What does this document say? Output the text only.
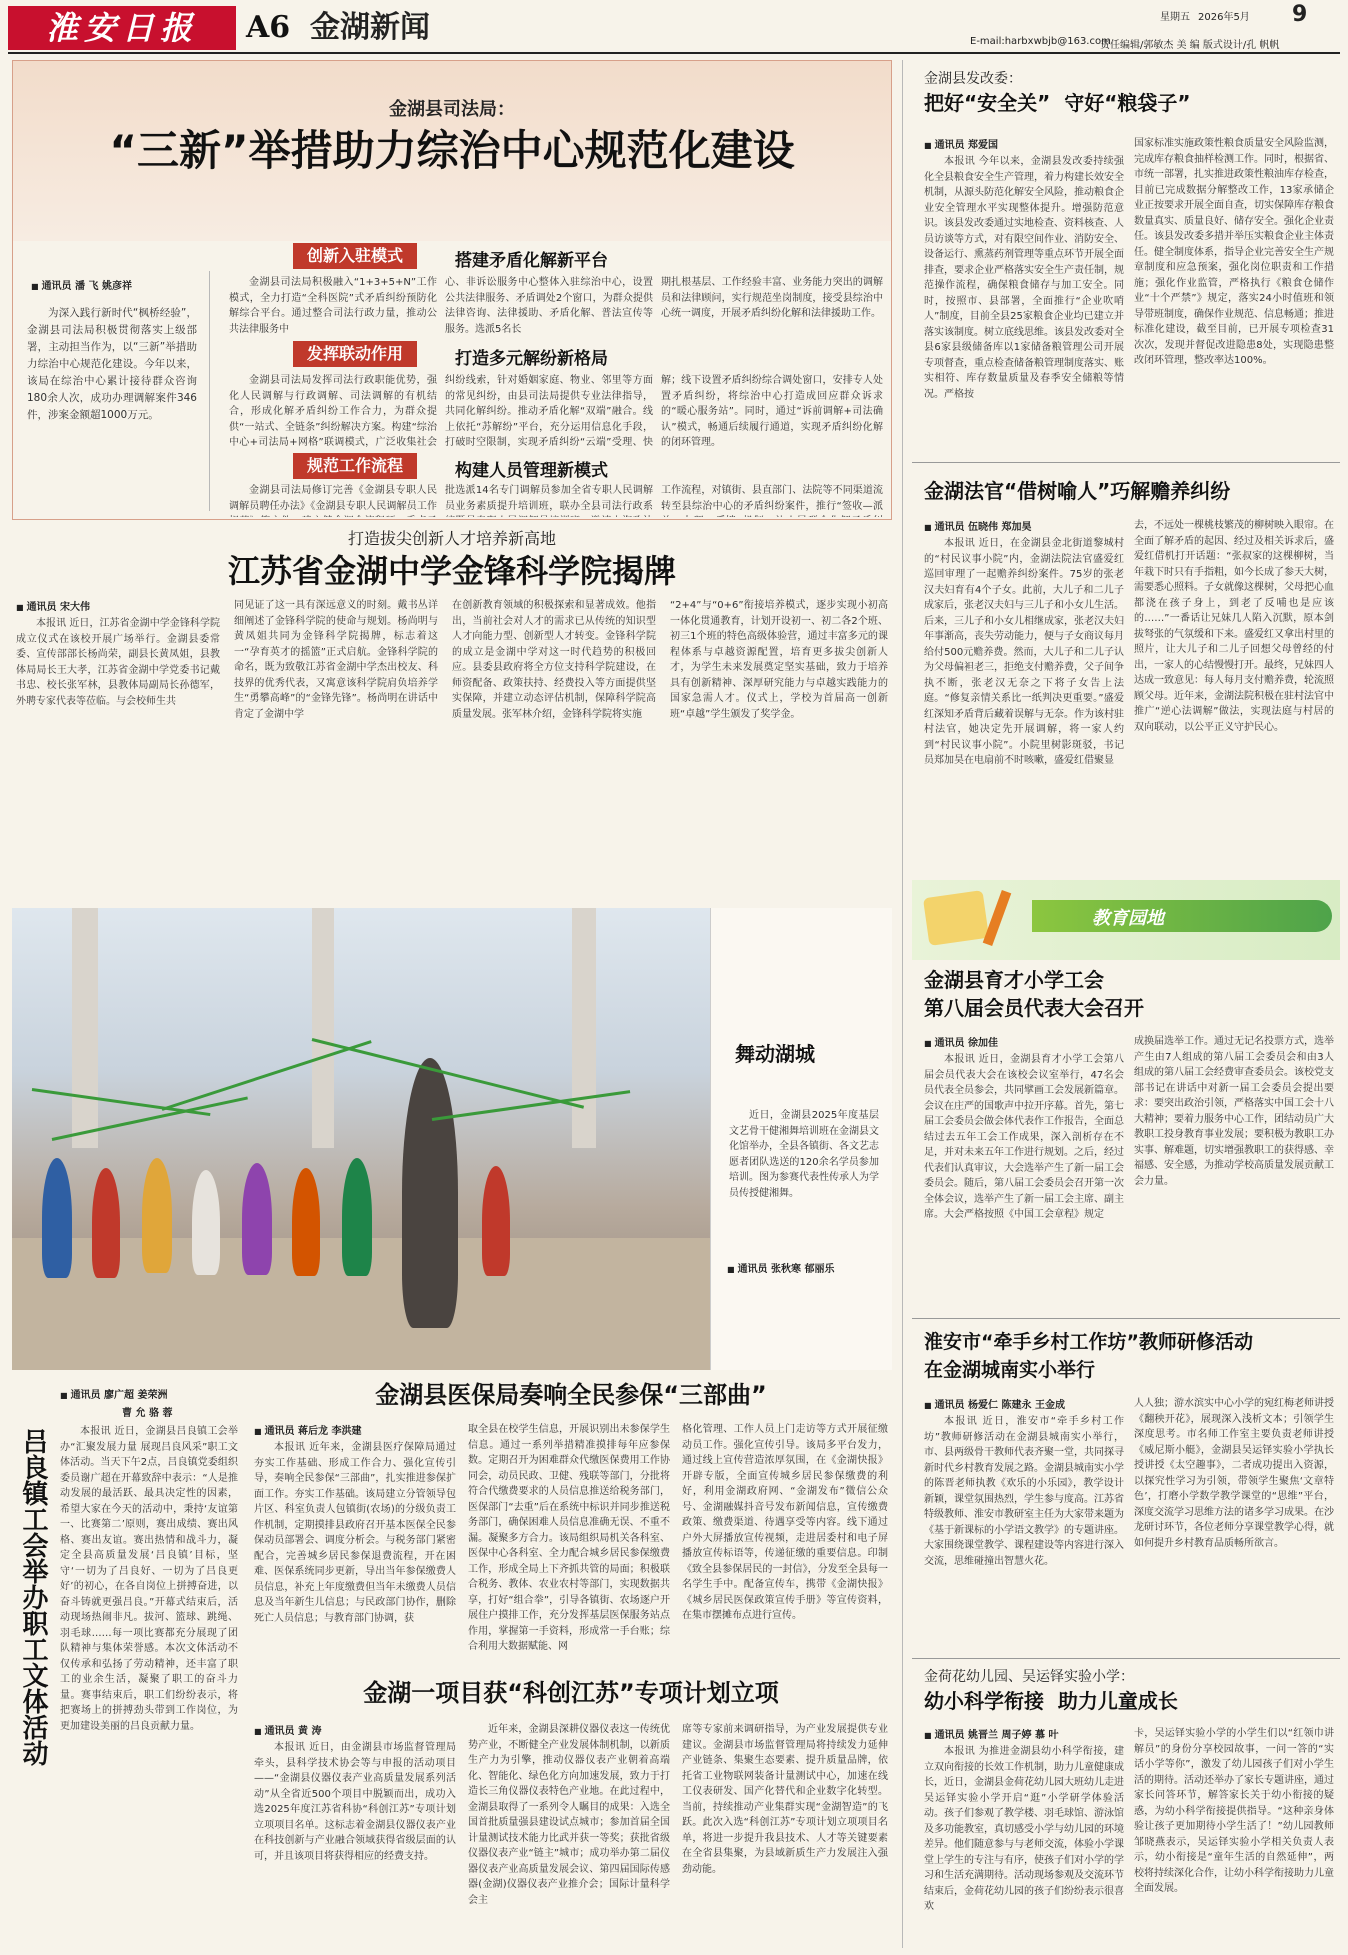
淮安日报	A6 金湖新闻	星期五 2026年5月 9
E-mail:harbxwbjb@163.com
责任编辑/郭敏杰 美 编 版式设计/孔 帆帆
金湖县司法局：
“三新”举措助力综治中心规范化建设
■ 通讯员 潘 飞 姚彦祥

为深入践行新时代“枫桥经验”，金湖县司法局积极贯彻落实上级部署，主动担当作为，以“三新”举措助力综治中心规范化建设。今年以来，该局在综治中心累计接待群众咨询180余人次，成功办理调解案件346件，涉案金额超1000万元。

创新入驻模式	搭建矛盾化解新平台

金湖县司法局积极融入“1+3+5+N”工作模式，全力打造“全科医院”式矛盾纠纷预防化解综合平台。通过整合司法行政力量，推动公共法律服务中

心、非诉讼服务中心整体入驻综治中心，设置公共法律服务、矛盾调处2个窗口，为群众提供法律咨询、法律援助、矛盾化解、普法宣传等服务。选派5名长

期扎根基层、工作经验丰富、业务能力突出的调解员和法律顾问，实行规范坐岗制度，接受县综治中心统一调度，开展矛盾纠纷化解和法律援助工作。

发挥联动作用	打造多元解纷新格局

金湖县司法局发挥司法行政职能优势，强化人民调解与行政调解、司法调解的有机结合，形成化解矛盾纠纷工作合力，为群众提供“一站式、全链条”纠纷解决方案。构建“综治中心+司法局+网格”联调模式，广泛收集社会

纠纷线索，针对婚姻家庭、物业、邻里等方面的常见纠纷，由县司法局提供专业法律指导，共同化解纠纷。推动矛盾化解“双端”融合。线上依托“苏解纷”平台，充分运用信息化手段，打破时空限制，实现矛盾纠纷“云端”受理、快

解；线下设置矛盾纠纷综合调处窗口，安排专人处置矛盾纠纷，将综治中心打造成回应群众诉求的“暖心服务站”。同时，通过“诉前调解+司法确认”模式，畅通后续履行通道，实现矛盾纠纷化解的闭环管理。

规范工作流程	构建人员管理新模式

金湖县司法局修订完善《金湖县专职人民调解员聘任办法》《金湖县专职人民调解员工作

批选派14名专门调解员参加全省专职人民调解员业务素质提升培训班，联办全县司法行政系

工作流程，对镇街、县直部门、法院等不同渠道流转至县综治中心的矛盾纠纷案件，推行“签收—派

打造拔尖创新人才培养新高地
江苏省金湖中学金锋科学院揭牌
■ 通讯员 宋大伟

本报讯 近日，江苏省金湖中学金锋科学院成立仪式在该校开展广场举行。金湖县委常委、宣传部部长杨尚荣，副县长黄凤姐，县教体局局长王大孝，江苏省金湖中学党委书记戴书忠、校长张军林，县教体局副局长孙德军，外聘专家代表等莅临。与会校师生共

同见证了这一具有深远意义的时刻。戴书丛详细阐述了金锋科学院的使命与规划。杨尚明与黄凤姐共同为金锋科学院揭牌，标志着这一“孕育英才的摇篮”正式启航。金锋科学院的命名，既为致敬江苏省金湖中学杰出校友、科技界的优秀代表，又寓意该科学院肩负培养学生“勇攀高峰”的“金锋先锋”。杨尚明在讲话中肯定了金湖中学

在创新教育领域的积极探索和显著成效。他指出，当前社会对人才的需求已从传统的知识型人才向能力型、创新型人才转变。金锋科学院的成立是金湖中学对这一时代趋势的积极回应。县委县政府将全方位支持科学院建设，在师资配备、政策扶持、经费投入等方面提供坚实保障，并建立动态评估机制，保障科学院高质量发展。张军林介绍，金锋科学院将实施

“2+4”与“0+6”衔接培养模式，逐步实现小初高一体化贯通教育，计划开设初一、初二各2个班、初三1个班的特色高级体验营，通过丰富多元的课程体系与卓越资源配置，培育更多拔尖创新人才，为学生未来发展奠定坚实基础，致力于培养具有创新精神、深厚研究能力与卓越实践能力的国家急需人才。仪式上，学校为首届高一创新班“卓越”学生颁发了奖学金。

舞动湖城

近日，金湖县2025年度基层文艺骨干健湘舞培训班在金湖县文化馆举办，全县各镇街、各文艺志愿者团队选送的120余名学员参加培训。图为参赛代表性传承人为学员传授健湘舞。

■ 通讯员 张秋寒 郁丽乐
吕良镇工会举办职工文体活动
■ 通讯员 廖广超 姜荣洲
曹 允 骆 蓉

本报讯 近日，金湖县吕良镇工会举办“汇聚发展力量 展现吕良风采”职工文体活动。当天下午2点，吕良镇党委组织委员谢广超在开幕致辞中表示：“人是推动发展的最活跃、最具决定性的因素，希望大家在今天的活动中，秉持‘友谊第一、比赛第二’原则，赛出成绩、赛出风格、赛出友谊。赛出热情和战斗力，凝定全县高质量发展‘吕良镇’目标，坚守‘一切为了吕良好、一切为了吕良更好’的初心，在各自岗位上拼搏奋进，以奋斗铸就更强吕良。”开幕式结束后，活动现场热闹非凡。拔河、篮球、跳绳、羽毛球……每一项比赛都充分展现了团队精神与集体荣誉感。本次文体活动不仅传承和弘扬了劳动精神，还丰富了职工的业余生活，凝聚了职工的奋斗力量。赛事结束后，职工们纷纷表示，将把赛场上的拼搏劲头带到工作岗位，为更加建设美丽的吕良贡献力量。

金湖县医保局奏响全民参保“三部曲”
■ 通讯员 蒋后龙 李洪建

本报讯 近年来，金湖县医疗保障局通过夯实工作基础、形成工作合力、强化宣传引导，奏响全民参保“三部曲”，扎实推进参保扩面工作。夯实工作基础。该局建立分管领导包片区、科室负责人包镇街(农场)的分级负责工作机制，定期摸排县政府召开基本医保全民参保动员部署会、调度分析会。与税务部门紧密配合，完善城乡居民参保退费流程，开在困难、医保系统同步更新，导出当年参保缴费人员信息，补充上年度缴费但当年未缴费人员信息及当年新生儿信息；与民政部门协作，删除死亡人员信息；与教育部门协调，获

取全县在校学生信息，开展识别出未参保学生信息。通过一系列举措精准摸排每年应参保数。定期召开为困难群众代缴医保费用工作协同会，动员民政、卫健、残联等部门，分批将符合代缴费要求的人员信息推送给税务部门，医保部门“去重”后在系统中标识并同步推送税务部门，确保困难人员信息准确无误、不重不漏。凝聚多方合力。该局组织局机关各科室、医保中心各科室、全力配合城乡居民参保缴费工作，形成全局上下齐抓共管的局面；积极联合税务、教体、农业农村等部门，实现数据共享，打好“组合拳”，引导各镇街、农场逐户开展住户摸排工作，充分发挥基层医保服务站点作用，掌握第一手资料，形成常一手台账；综合利用大数据赋能、网

格化管理、工作人员上门走访等方式开展征缴动员工作。强化宣传引导。该局多平台发力，通过线上宣传营造浓厚氛围，在《金湖快报》开辟专版，全面宣传城乡居民参保缴费的利好，利用金湖政府网、“金湖发布”微信公众号、金湖融媒抖音号发布新闻信息，宣传缴费政策、缴费渠道、待遇享受等内容。线下通过户外大屏播放宣传视频，走进居委村和电子屏播放宣传标语等，传递征缴的重要信息。印制《致全县参保居民的一封信》，分发至全县每一名学生手中。配备宣传车，携带《金湖快报》《城乡居民医保政策宣传手册》等宣传资料，在集市摆摊布点进行宣传。

金湖一项目获“科创江苏”专项计划立项
■ 通讯员 黄 涛

本报讯 近日，由金湖县市场监督管理局牵头，县科学技术协会等与申报的活动项目——“金湖县仪器仪表产业高质量发展系列活动”从全省近500个项目中脱颖而出，成功入选2025年度江苏省科协“科创江苏”专项计划立项项目名单。这标志着金湖县仪器仪表产业在科技创新与产业融合领域获得省级层面的认可，并且该项目将获得相应的经费支持。

近年来，金湖县深耕仪器仪表这一传统优势产业，不断健全产业发展体制机制，以新质生产力为引擎，推动仪器仪表产业朝着高端化、智能化、绿色化方向加速发展，致力于打造长三角仪器仪表特色产业地。在此过程中，金湖县取得了一系列令人瞩目的成果：入选全国首批质量强县建设试点城市；参加首届全国计量测试技术能力比武并获一等奖；获批省级仪器仪表产业“链主”城市；成功举办第二届仪器仪表产业高质量发展会议、第四届国际传感器(金湖)仪器仪表产业推介会；国际计量科学会主

席等专家前来调研指导，为产业发展提供专业建议。金湖县市场监督管理局将持续发力延伸产业链条、集聚生态要素、提升质量品牌，依托省工业物联网装备计量测试中心，加速在线工仪表研发、国产化替代和企业数字化转型。当前，持续推动产业集群实现“金湖智造”的飞跃。此次入选“科创江苏”专项计划立项项目名单，将进一步提升我县技术、人才等关键要素在全省县集聚，为县域新质生产力发展注入强劲动能。

金湖县发改委：
把好“安全关”  守好“粮袋子”
■ 通讯员 郑爱国

本报讯 今年以来，金湖县发改委持续强化全县粮食安全生产管理，着力构建长效安全机制，从源头防范化解安全风险，推动粮食企业安全管理水平实现整体提升。增强防范意识。该县发改委通过实地检查、资料核查、人员访谈等方式，对有限空间作业、消防安全、设备运行、熏蒸药剂管理等重点环节开展全面排查，要求企业严格落实安全生产责任制，规范操作流程，确保粮食储存与加工安全。同时，按照市、县部署，全面推行“企业吹哨人”制度，目前全县25家粮食企业均已建立并落实该制度。树立底线思维。该县发改委对全县6家县级储备库以1家储备粮管理公司开展专项督查，重点检查储备粮管理制度落实、账实相符、库存数量质量及春季安全储粮等情况。严格按

国家标准实施政策性粮食质量安全风险监测，完成库存粮食抽样检测工作。同时，根据省、市统一部署，扎实推进政策性粮油库存检查，目前已完成数据分解整改工作，13家承储企业正按要求开展全面自查，切实保障库存粮食数量真实、质量良好、储存安全。强化企业责任。该县发改委多措并举压实粮食企业主体责任。健全制度体系，指导企业完善安全生产规章制度和应急预案，强化岗位职责和工作措施；强化作业监管，严格执行《粮食仓储作业“十个严禁”》规定，落实24小时值班和领导带班制度，确保作业规范、信息畅通；推进标准化建设，截至目前，已开展专项检查31次次，发现并督促改进隐患8处，实现隐患整改闭环管理，整改率达100%。

金湖法官“借树喻人”巧解赡养纠纷
■ 通讯员 伍晓伟 郑加昊

本报讯 近日，在金湖县金北街道黎城村的“村民议事小院”内，金湖法院法官盛爱红巡回审理了一起赡养纠纷案件。75岁的张老汉夫妇育有4个子女。此前，大儿子和二儿子成家后，张老汉夫妇与三儿子和小女儿生活。后来，三儿子和小女儿相继成家，张老汉夫妇年事渐高，丧失劳动能力，便与子女商议每月给付500元赡养费。然而，大儿子和二儿子认为父母偏袒老三，拒绝支付赡养费，父子间争执不断，张老汉无奈之下将子女告上法庭。“修复亲情关系比一纸判决更重要。”盛爱红深知矛盾背后藏着误解与无奈。作为该村驻村法官，她决定先开展调解，将一家人约到“村民议事小院”。小院里树影斑驳，书记员郑加昊在电扇前不时咳嗽，盛爱红借聚显

去，不远处一棵桃枝繁茂的柳树映入眼帘。在全面了解矛盾的起因、经过及相关诉求后，盛爱红借机打开话题：“张叔家的这棵柳树，当年栽下时只有手指粗，如今长成了参天大树，需要悉心照料。子女就像这棵树，父母把心血都浇在孩子身上，到老了反哺也是应该的……”一番话让兄妹几人陷入沉默，原本剑拔弩张的气氛缓和下来。盛爱红又拿出村里的照片，让大儿子和二儿子回想父母曾经的付出，一家人的心结慢慢打开。最终，兄妹四人达成一致意见：每人每月支付赡养费，轮流照顾父母。近年来，金湖法院积极在驻村法官中推广“逆心法调解”做法，实现法庭与村居的双向联动，以公平正义守护民心。

教育园地
金湖县育才小学工会
第八届会员代表大会召开
■ 通讯员 徐加佳

本报讯 近日，金湖县育才小学工会第八届会员代表大会在该校会议室举行，47名会员代表全员参会，共同擘画工会发展新篇章。会议在庄严的国歌声中拉开序幕。首先，第七届工会委员会做会体代表作工作报告，全面总结过去五年工会工作成果，深入剖析存在不足，并对未来五年工作进行规划。之后，经过代表们认真审议，大会选举产生了新一届工会委员会。随后，第八届工会委员会召开第一次全体会议，选举产生了新一届工会主席、副主席。大会严格按照《中国工会章程》规定

成换届选举工作。通过无记名投票方式，选举产生由7人组成的第八届工会委员会和由3人组成的第八届工会经费审查委员会。该校党支部书记在讲话中对新一届工会委员会提出要求：要突出政治引领，严格落实中国工会十八大精神；要着力服务中心工作，团结动员广大教职工投身教育事业发展；要积极为教职工办实事、解难题，切实增强教职工的获得感、幸福感、安全感，为推动学校高质量发展贡献工会力量。

淮安市“牵手乡村工作坊”教师研修活动
在金湖城南实小举行
■ 通讯员 杨爱仁 陈建永 王金成

本报讯 近日，淮安市“牵手乡村工作坊”教师研修活动在金湖县城南实小举行，市、县两级骨干教师代表齐聚一堂，共同探寻新时代乡村教育发展之路。金湖县城南实小学的陈晋老师执教《欢乐的小乐园》，教学设计新颖，课堂氛围热烈，学生参与度高。江苏省特级教师、淮安市教研室主任为大家带来题为《基于新课标的小学语文教学》的专题讲座。大家围绕课堂教学、课程建设等内容进行深入交流，思维碰撞出智慧火花。

人人独；游水滨实中心小学的宛红梅老师讲授《翻秧开花》，展现深入浅析文本；引领学生深度思考。市名师工作室主要负责老师讲授《威尼斯小艇》，金湖县吴运铎实验小学执长授讲授《太空趣事》，二者成功提出入资源，以探究性学习为引领，带领学生聚焦‘文章特色’，打磨小学数学教学课堂的“思维”平台，深度交流学习思维方法的诸多学习成果。在沙龙研讨环节，各位老师分享课堂教学心得，就如何提升乡村教育品质畅所欲言。

金荷花幼儿园、吴运铎实验小学：
幼小科学衔接  助力儿童成长
■ 通讯员 姚晋兰 周子婷 慕 叶

本报讯 为推进金湖县幼小科学衔接，建立双向衔接的长效工作机制，助力儿童健康成长，近日，金湖县金荷花幼儿园大班幼儿走进吴运铎实验小学开启“逛”小学研学体验活动。孩子们参观了教学楼、羽毛球馆、游泳馆及多功能教室，真切感受小学与幼儿园的环境差异。他们随意参与与老师交流，体验小学课堂上学生的专注与有序，使孩子们对小学的学习和生活充满期待。活动现场参观及交流环节结束后，金荷花幼儿园的孩子们纷纷表示很喜欢

卡，吴运铎实验小学的小学生们以“红领巾讲解员”的身份分享校园故事，一问一答的“实话小学等你”，激发了幼儿园孩子们对小学生活的期待。活动还举办了家长专题讲座，通过家长问答环节，解答家长关于幼小衔接的疑惑，为幼小科学衔接提供指导。“这种亲身体验让孩子更加期待小学生活了！”幼儿园教师邹晓燕表示，吴运铎实验小学相关负责人表示，幼小衔接是“童年生活的自然延伸”，两校将持续深化合作，让幼小科学衔接助力儿童全面发展。
